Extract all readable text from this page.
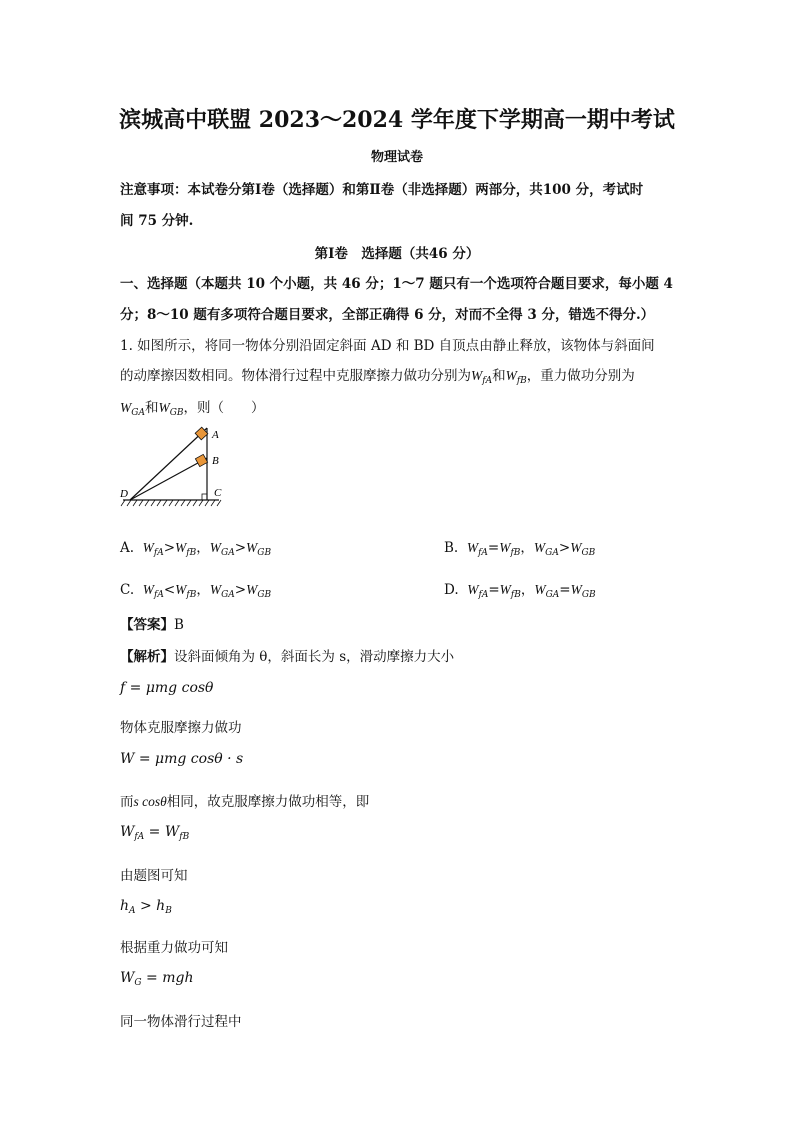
滨城高中联盟 2023～2024 学年度下学期高一期中考试
物理试卷
注意事项：本试卷分第Ⅰ卷（选择题）和第Ⅱ卷（非选择题）两部分，共100 分，考试时
间 75 分钟.
第Ⅰ卷　选择题（共46 分）
一、选择题（本题共 10 个小题，共 46 分；1～7 题只有一个选项符合题目要求，每小题 4
分；8～10 题有多项符合题目要求，全部正确得 6 分，对而不全得 3 分，错选不得分.）
1. 如图所示，将同一物体分别沿固定斜面 AD 和 BD 自顶点由静止释放，该物体与斜面间
的动摩擦因数相同。物体滑行过程中克服摩擦力做功分别为$W_{fA}$和$W_{fB}$，重力做功分别为
$W_{GA}$和$W_{GB}$，则（　　）
A
B
C
D
A. $W_{fA}>W_{fB}$，$W_{GA}>W_{GB}$	B. $W_{fA}=W_{fB}$，$W_{GA}>W_{GB}$
C. $W_{fA}<W_{fB}$，$W_{GA}>W_{GB}$	D. $W_{fA}=W_{fB}$，$W_{GA}=W_{GB}$
【答案】B
【解析】设斜面倾角为 θ，斜面长为 s，滑动摩擦力大小
f = μmg cosθ
物体克服摩擦力做功
W = μmg cosθ · s
而s cosθ相同，故克服摩擦力做功相等，即
$W_{fA} = W_{fB}$
由题图可知
$h_A > h_B$
根据重力做功可知
$W_G$ = mgh
同一物体滑行过程中
